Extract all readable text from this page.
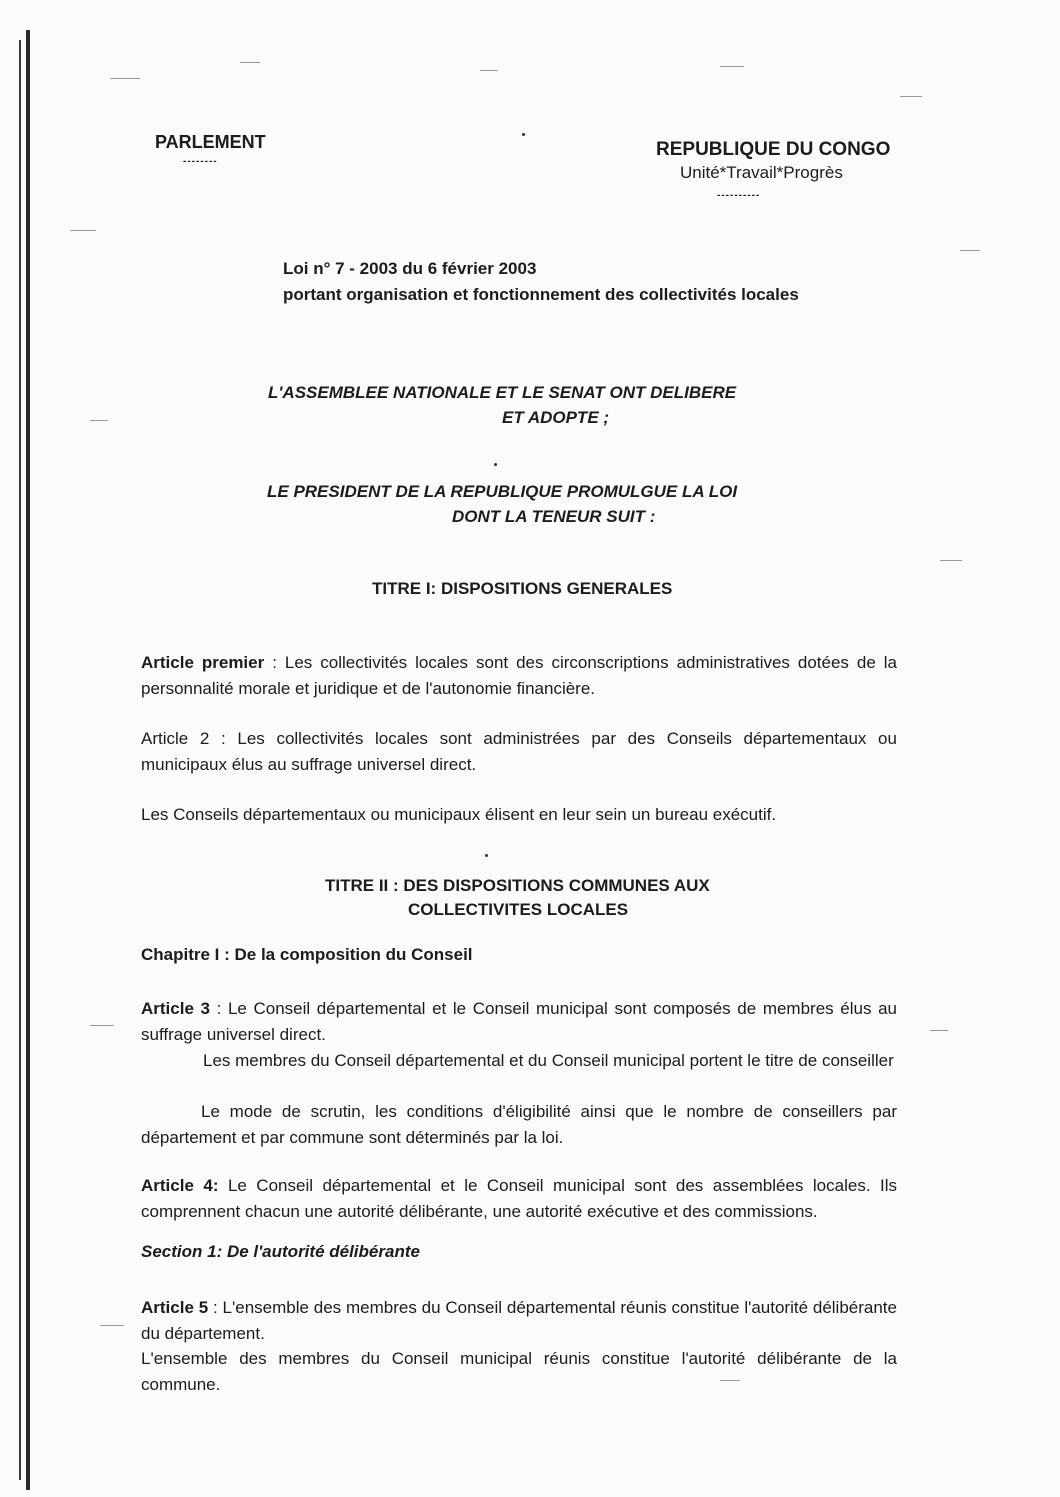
PARLEMENT
--------
REPUBLIQUE DU CONGO
Unité*Travail*Progrès
----------
Loi n° 7 - 2003 du 6 février 2003
portant organisation et fonctionnement des collectivités locales
L'ASSEMBLEE NATIONALE ET LE SENAT ONT DELIBERE
ET ADOPTE ;
LE PRESIDENT DE LA REPUBLIQUE PROMULGUE LA LOI
DONT LA TENEUR SUIT :
TITRE I: DISPOSITIONS GENERALES
Article premier : Les collectivités locales sont des circonscriptions administratives dotées de la personnalité morale et juridique et de l'autonomie financière.
Article 2 : Les collectivités locales sont administrées par des Conseils départementaux ou municipaux élus au suffrage universel direct.
Les Conseils départementaux ou municipaux élisent en leur sein un bureau exécutif.
TITRE II : DES DISPOSITIONS COMMUNES AUX
COLLECTIVITES LOCALES
Chapitre I : De la composition du Conseil
Article 3 : Le Conseil départemental et le Conseil municipal sont composés de membres élus au suffrage universel direct.
Les membres du Conseil départemental et du Conseil municipal portent le titre de conseiller
Le mode de scrutin, les conditions d'éligibilité ainsi que le nombre de conseillers par département et par commune sont déterminés par la loi.
Article 4: Le Conseil départemental et le Conseil municipal sont des assemblées locales. Ils comprennent chacun une autorité délibérante, une autorité exécutive et des commissions.
Section 1: De l'autorité délibérante
Article 5 : L'ensemble des membres du Conseil départemental réunis constitue l'autorité délibérante du département.
L'ensemble des membres du Conseil municipal réunis constitue l'autorité délibérante de la commune.
